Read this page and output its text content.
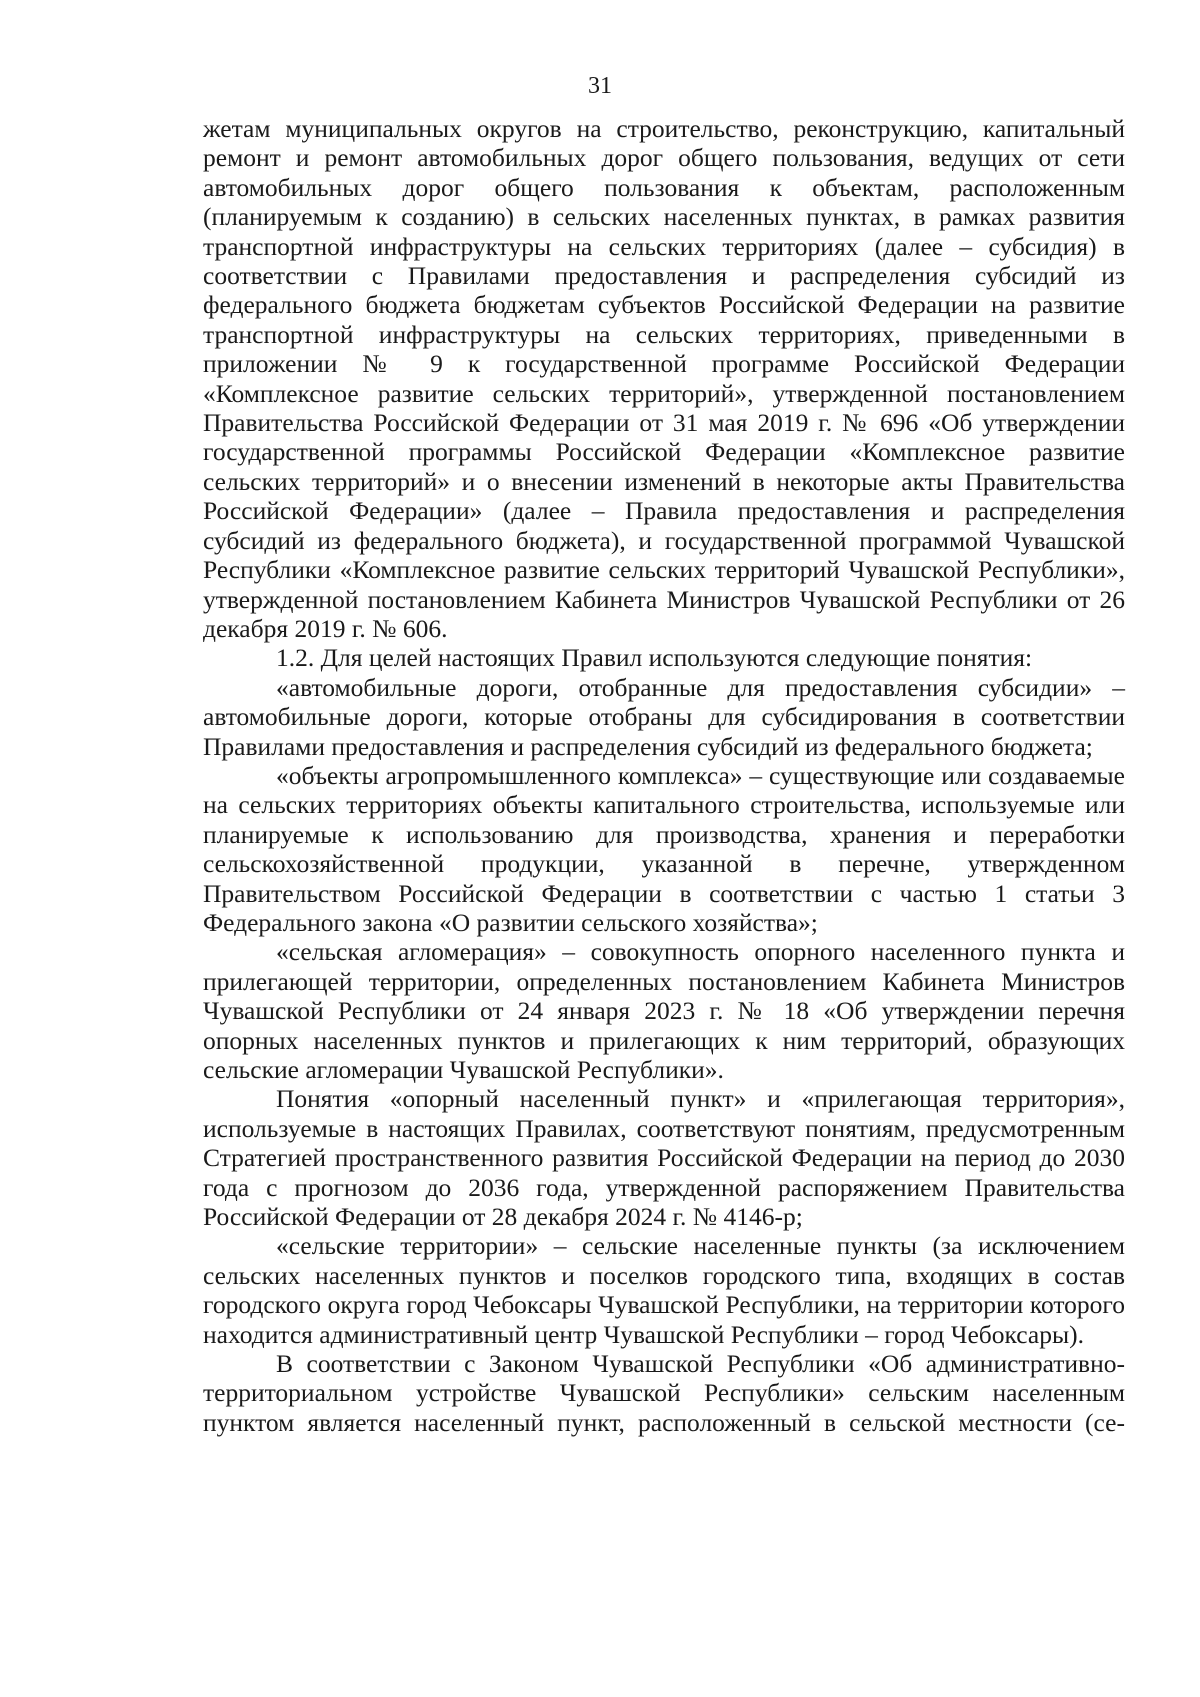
31

жетам муниципальных округов на строительство, реконструкцию, капитальный ремонт и ремонт автомобильных дорог общего пользования, ведущих от сети автомобильных дорог общего пользования к объектам, расположенным (планируемым к созданию) в сельских населенных пунктах, в рамках развития транспортной инфраструктуры на сельских территориях (далее – субсидия) в соответствии с Правилами предоставления и распределения субсидий из федерального бюджета бюджетам субъектов Российской Федерации на развитие транспортной инфраструктуры на сельских территориях, приведенными в приложении № 9 к государственной программе Российской Федерации «Комплексное развитие сельских территорий», утвержденной постановлением Правительства Российской Федерации от 31 мая 2019 г. № 696 «Об утверждении государственной программы Российской Федерации «Комплексное развитие сельских территорий» и о внесении изменений в некоторые акты Правительства Российской Федерации» (далее – Правила предоставления и распределения субсидий из федерального бюджета), и государственной программой Чувашской Республики «Комплексное развитие сельских территорий Чувашской Республики», утвержденной постановлением Кабинета Министров Чувашской Республики от 26 декабря 2019 г. № 606.

1.2. Для целей настоящих Правил используются следующие понятия:

«автомобильные дороги, отобранные для предоставления субсидии» – автомобильные дороги, которые отобраны для субсидирования в соответствии Правилами предоставления и распределения субсидий из федерального бюджета;

«объекты агропромышленного комплекса» – существующие или создаваемые на сельских территориях объекты капитального строительства, используемые или планируемые к использованию для производства, хранения и переработки сельскохозяйственной продукции, указанной в перечне, утвержденном Правительством Российской Федерации в соответствии с частью 1 статьи 3 Федерального закона «О развитии сельского хозяйства»;

«сельская агломерация» – совокупность опорного населенного пункта и прилегающей территории, определенных постановлением Кабинета Министров Чувашской Республики от 24 января 2023 г. № 18 «Об утверждении перечня опорных населенных пунктов и прилегающих к ним территорий, образующих сельские агломерации Чувашской Республики».

Понятия «опорный населенный пункт» и «прилегающая территория», используемые в настоящих Правилах, соответствуют понятиям, предусмотренным Стратегией пространственного развития Российской Федерации на период до 2030 года с прогнозом до 2036 года, утвержденной распоряжением Правительства Российской Федерации от 28 декабря 2024 г. № 4146-р;

«сельские территории» – сельские населенные пункты (за исключением сельских населенных пунктов и поселков городского типа, входящих в состав городского округа город Чебоксары Чувашской Республики, на территории которого находится административный центр Чувашской Республики – город Чебоксары).

В соответствии с Законом Чувашской Республики «Об административно-территориальном устройстве Чувашской Республики» сельским населенным пунктом является населенный пункт, расположенный в сельской местности (се-
